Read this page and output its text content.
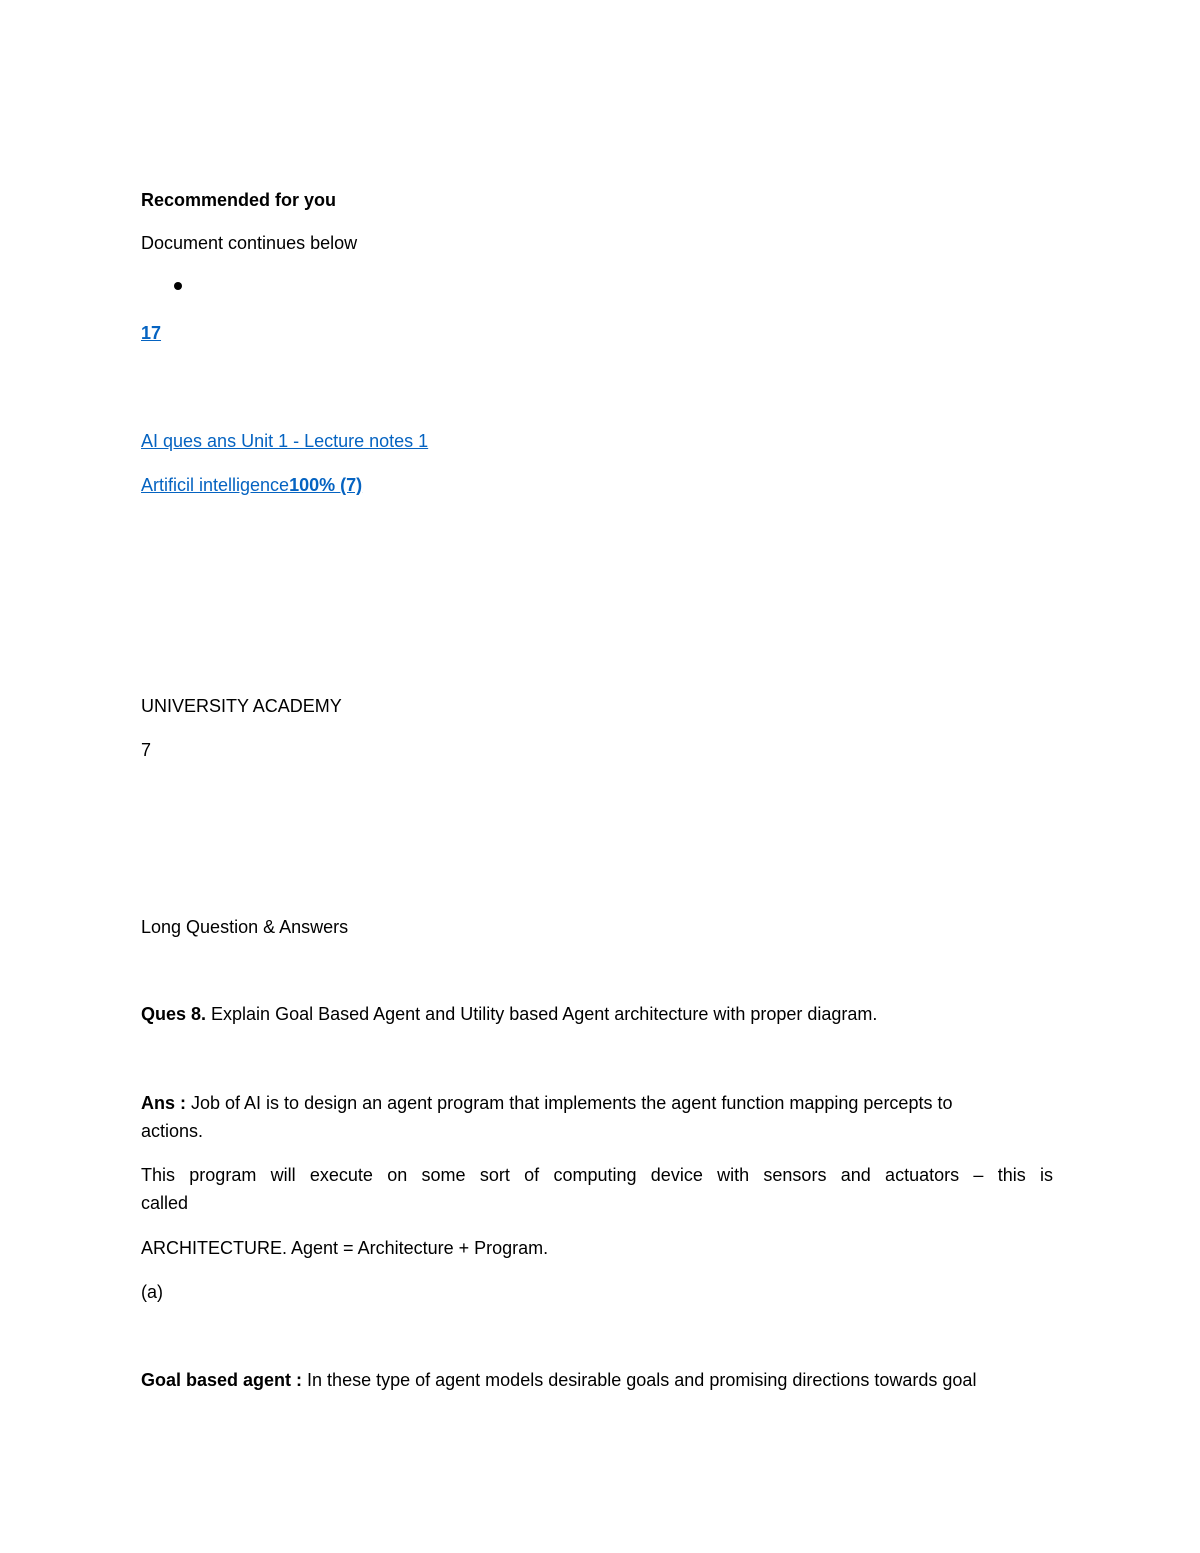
Recommended for you
Document continues below
17
AI ques ans Unit 1 - Lecture notes 1
Artificil intelligence100% (7)
UNIVERSITY ACADEMY
7
Long Question & Answers
Ques 8. Explain Goal Based Agent and Utility based Agent architecture with proper diagram.
Ans : Job of AI is to design an agent program that implements the agent function mapping percepts to
actions.
This program will execute on some sort of computing device with sensors and actuators – this is
called
ARCHITECTURE. Agent = Architecture + Program.
(a)
Goal based agent : In these type of agent models desirable goals and promising directions towards goal
